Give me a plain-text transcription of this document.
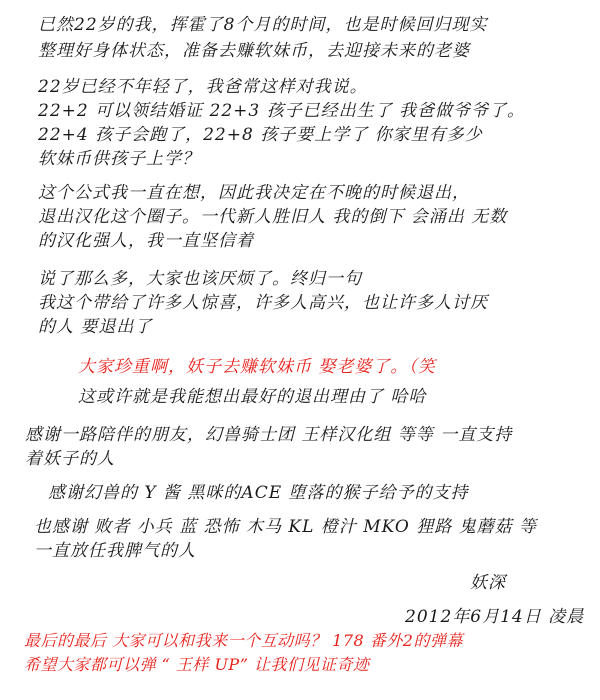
已然22岁的我，挥霍了8个月的时间，也是时候回归现实
整理好身体状态，准备去赚软妹币，去迎接未来的老婆
22岁已经不年轻了，我爸常这样对我说。
22+2 可以领结婚证 22+3 孩子已经出生了 我爸做爷爷了。
22+4 孩子会跑了，22+8 孩子要上学了 你家里有多少
软妹币供孩子上学？
这个公式我一直在想，因此我决定在不晚的时候退出，
退出汉化这个圈子。一代新人胜旧人 我的倒下 会涌出 无数
的汉化强人，我一直坚信着
说了那么多，大家也该厌烦了。终归一句
我这个带给了许多人惊喜，许多人高兴，也让许多人讨厌
的人 要退出了
大家珍重啊，妖子去赚软妹币 娶老婆了。（笑
这或许就是我能想出最好的退出理由了 哈哈
感谢一路陪伴的朋友，幻兽骑士团 王样汉化组 等等 一直支持
着妖子的人
感谢幻兽的 Y 酱 黑咪的ACE 堕落的猴子给予的支持
也感谢 败者 小兵 蓝 恐怖 木马 KL 橙汁 MKO 狸路 鬼蘑菇 等
一直放任我脾气的人
妖深
2012年6月14日 凌晨
最后的最后 大家可以和我来一个互动吗？ 178 番外2的弹幕
希望大家都可以弹 “ 王样 UP” 让我们见证奇迹
